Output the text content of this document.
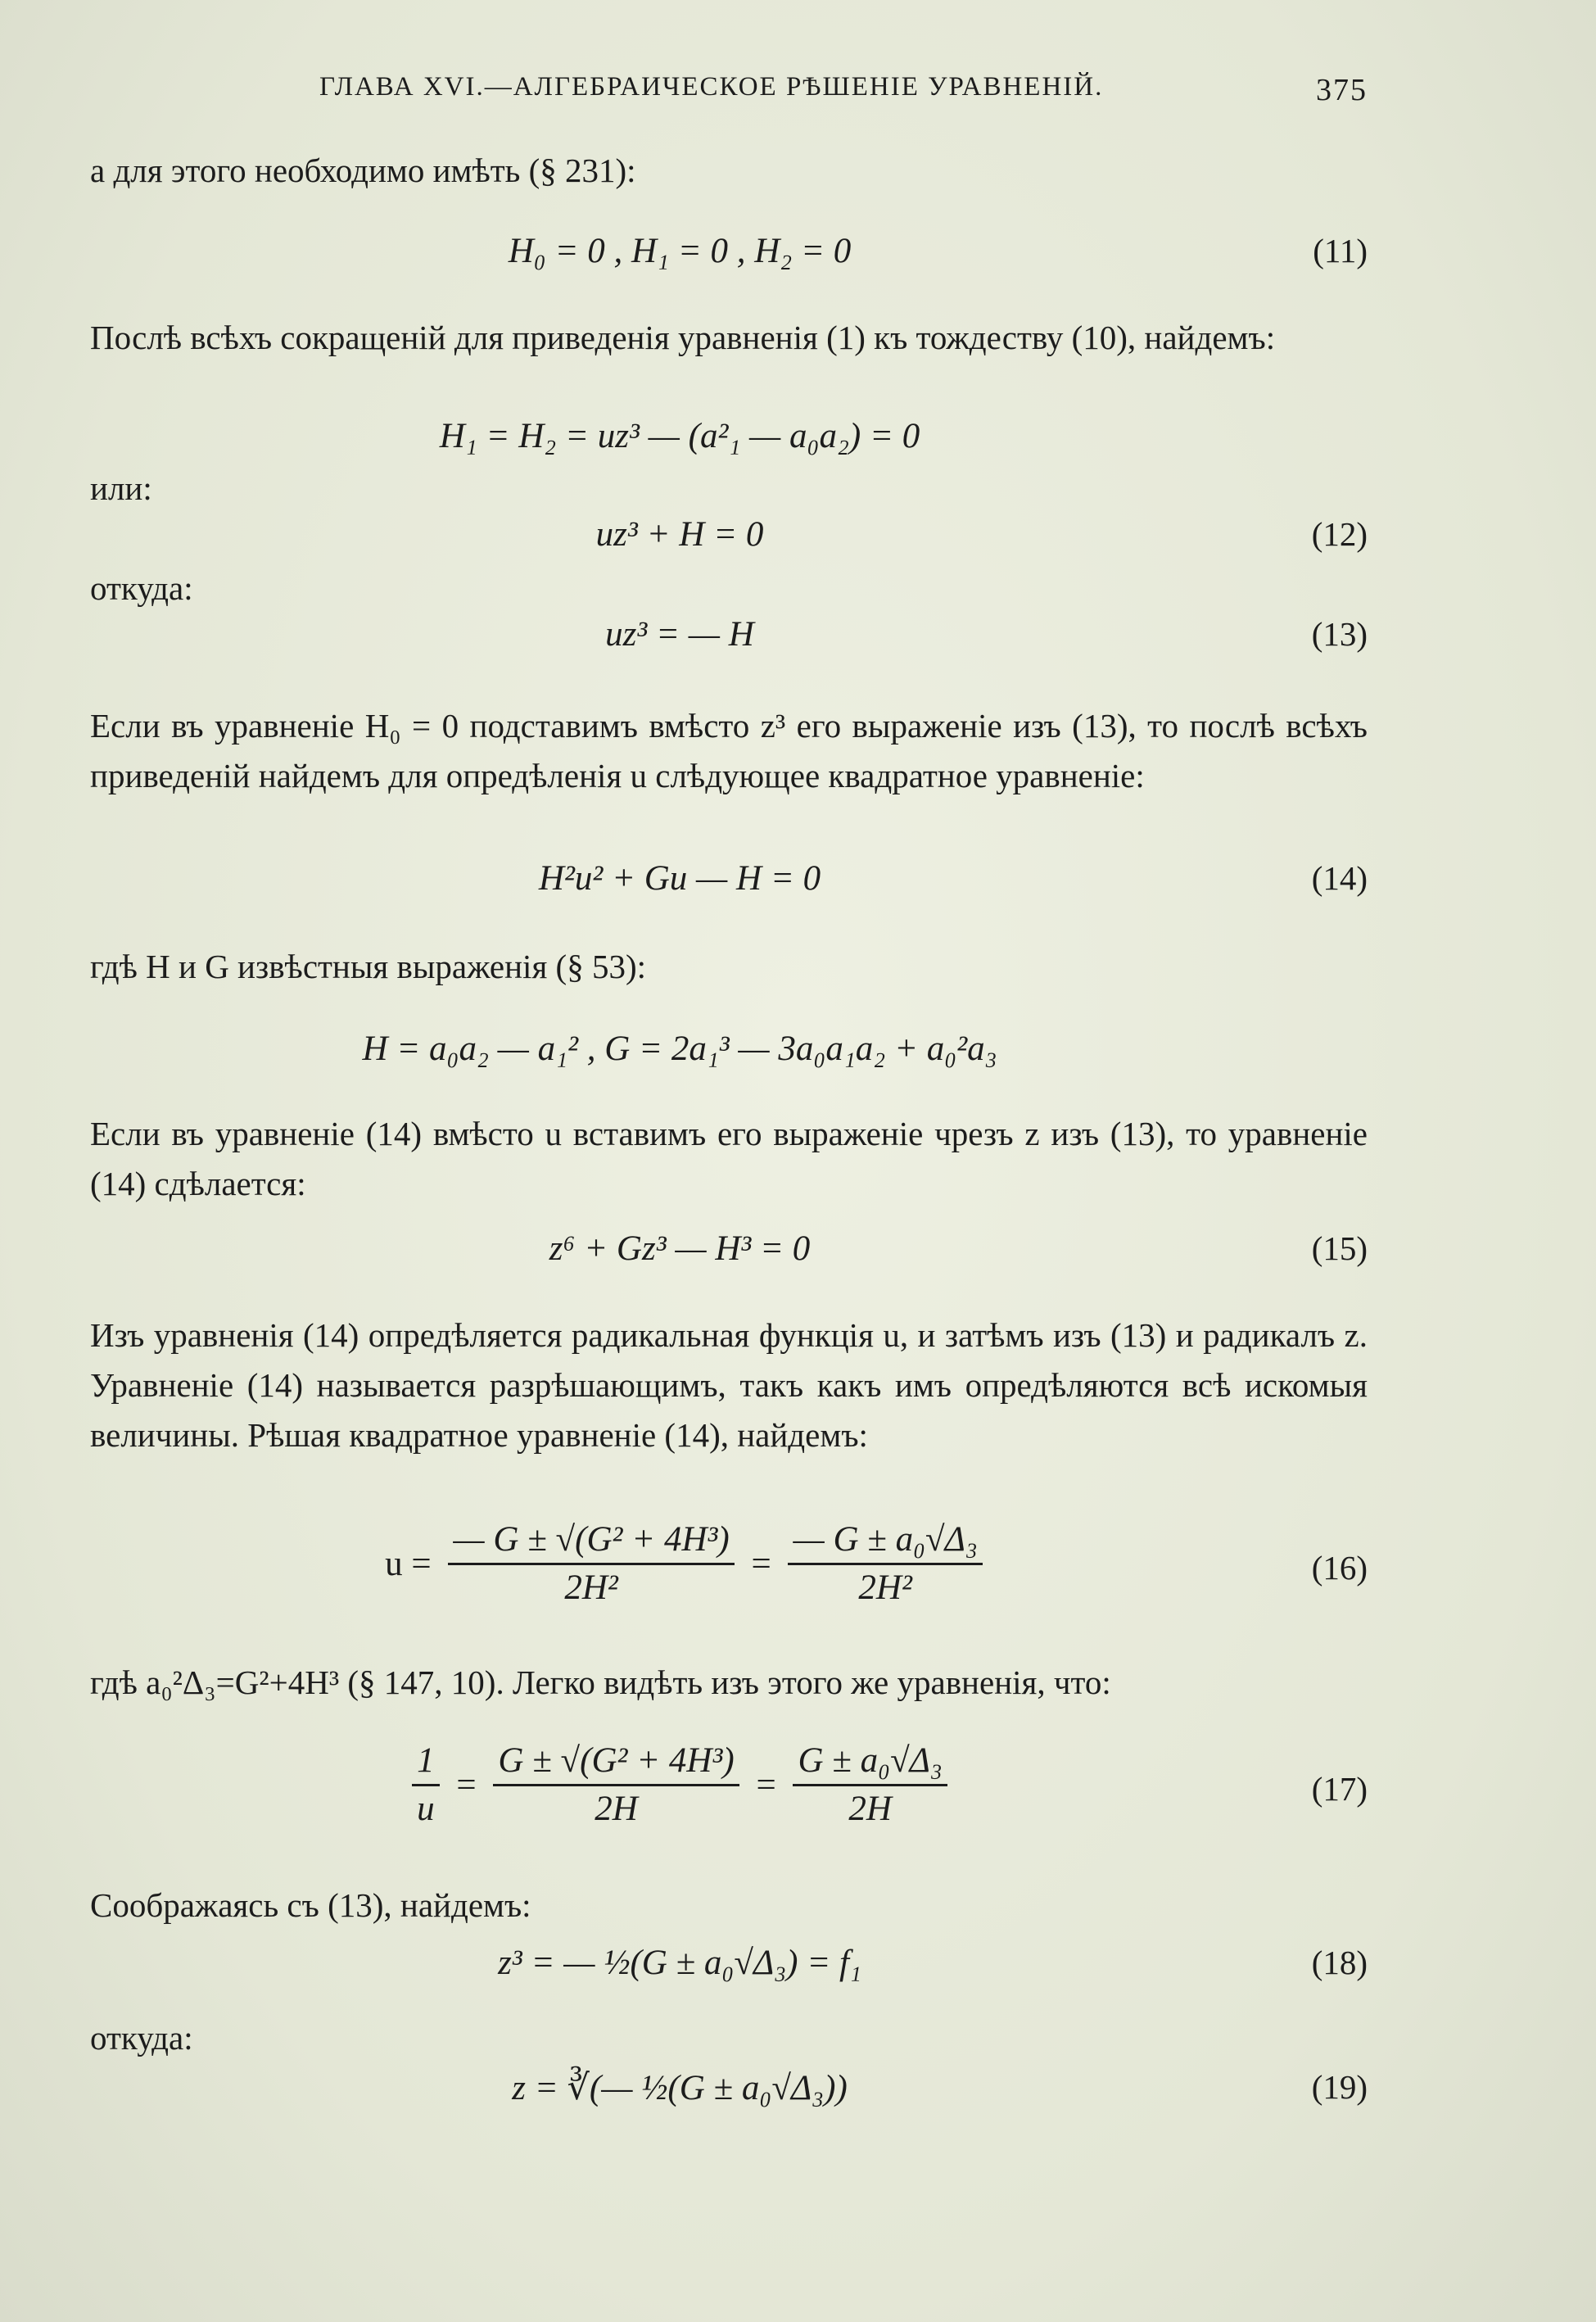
ГЛАВА XVI.—АЛГЕБРАИЧЕСКОЕ РѢШЕНІЕ УРАВНЕНІЙ.	375
а для этого необходимо имѣть (§ 231):
H₀ = 0 , H₁ = 0 , H₂ = 0	(11)
Послѣ всѣхъ сокращеній для приведенія уравненія (1) къ тождеству (10), найдемъ:
H₁ = H₂ = uz³ — (a²₁ — a₀a₂) = 0
или:
uz³ + H = 0	(12)
откуда:
uz³ = — H	(13)
Если въ уравненіе H₀ = 0 подставимъ вмѣсто z³ его выраженіе изъ (13), то послѣ всѣхъ приведеній найдемъ для опредѣленія u слѣдующее квадратное уравненіе:
H²u² + Gu — H = 0	(14)
гдѣ H и G извѣстныя выраженія (§ 53):
H = a₀a₂ — a₁² , G = 2a₁³ — 3a₀a₁a₂ + a₀²a₃
Если въ уравненіе (14) вмѣсто u вставимъ его выраженіе чрезъ z изъ (13), то уравненіе (14) сдѣлается:
z⁶ + Gz³ — H³ = 0	(15)
Изъ уравненія (14) опредѣляется радикальная функція u, и затѣмъ изъ (13) и радикалъ z. Уравненіе (14) называется разрѣшающимъ, такъ какъ имъ опредѣляются всѣ искомыя величины. Рѣшая квадратное уравненіе (14), найдемъ:
$u = \frac{\text{— G ± √(G² + 4H³)}}{\text{2H²}} = \frac{\text{— G ± a₀√Δ₃}}{\text{2H²}}$	(16)
гдѣ a₀²Δ₃=G²+4H³ (§ 147, 10). Легко видѣть изъ этого же уравненія, что:
$\frac{1}{u} = \frac{\text{G ± √(G² + 4H³)}}{2H} = \frac{\text{G ± a₀√Δ₃}}{2H}$	(17)
Соображаясь съ (13), найдемъ:
z³ = — ½(G ± a₀√Δ₃) = f₁	(18)
откуда:
z = ∛(— ½(G ± a₀√Δ₃))	(19)
